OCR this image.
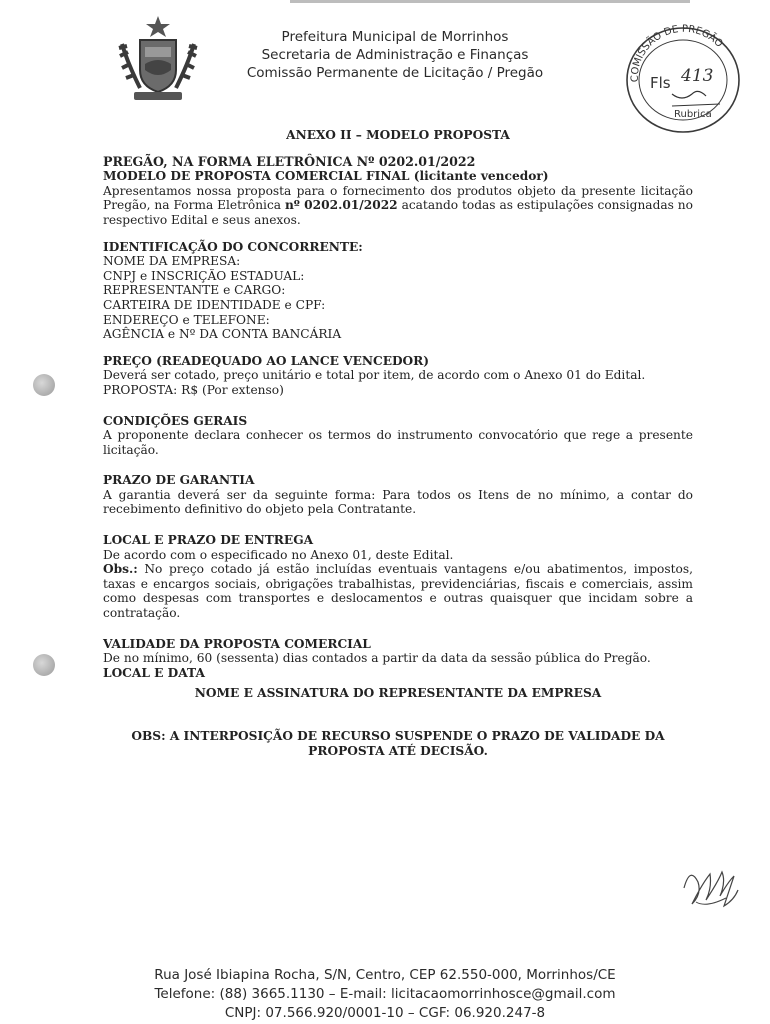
Prefeitura Municipal de Morrinhos
Secretaria de Administração e Finanças
Comissão Permanente de Licitação / Pregão	COMISSÃO DE PREGÃO
Fls 413
Rubrica

ANEXO II – MODELO PROPOSTA

PREGÃO, NA FORMA ELETRÔNICA Nº 0202.01/2022

MODELO DE PROPOSTA COMERCIAL FINAL (licitante vencedor)

Apresentamos nossa proposta para o fornecimento dos produtos objeto da presente licitação Pregão, na Forma Eletrônica nº 0202.01/2022 acatando todas as estipulações consignadas no respectivo Edital e seus anexos.

IDENTIFICAÇÃO DO CONCORRENTE:

NOME DA EMPRESA:

CNPJ e INSCRIÇÃO ESTADUAL:

REPRESENTANTE e CARGO:

CARTEIRA DE IDENTIDADE e CPF:

ENDEREÇO e TELEFONE:

AGÊNCIA e Nº DA CONTA BANCÁRIA

PREÇO (READEQUADO AO LANCE VENCEDOR)

Deverá ser cotado, preço unitário e total por item, de acordo com o Anexo 01 do Edital.

PROPOSTA: R$ (Por extenso)

CONDIÇÕES GERAIS

A proponente declara conhecer os termos do instrumento convocatório que rege a presente licitação.

PRAZO DE GARANTIA

A garantia deverá ser da seguinte forma: Para todos os Itens de no mínimo, a contar do recebimento definitivo do objeto pela Contratante.

LOCAL E PRAZO DE ENTREGA

De acordo com o especificado no Anexo 01, deste Edital.

Obs.: No preço cotado já estão incluídas eventuais vantagens e/ou abatimentos, impostos, taxas e encargos sociais, obrigações trabalhistas, previdenciárias, fiscais e comerciais, assim como despesas com transportes e deslocamentos e outras quaisquer que incidam sobre a contratação.

VALIDADE DA PROPOSTA COMERCIAL

De no mínimo, 60 (sessenta) dias contados a partir da data da sessão pública do Pregão.

LOCAL E DATA

NOME E ASSINATURA DO REPRESENTANTE DA EMPRESA

OBS: A INTERPOSIÇÃO DE RECURSO SUSPENDE O PRAZO DE VALIDADE DA PROPOSTA ATÉ DECISÃO.

Rua José Ibiapina Rocha, S/N, Centro, CEP 62.550-000, Morrinhos/CE
Telefone: (88) 3665.1130 – E-mail: licitacaomorrinhosce@gmail.com
CNPJ: 07.566.920/0001-10 – CGF: 06.920.247-8
